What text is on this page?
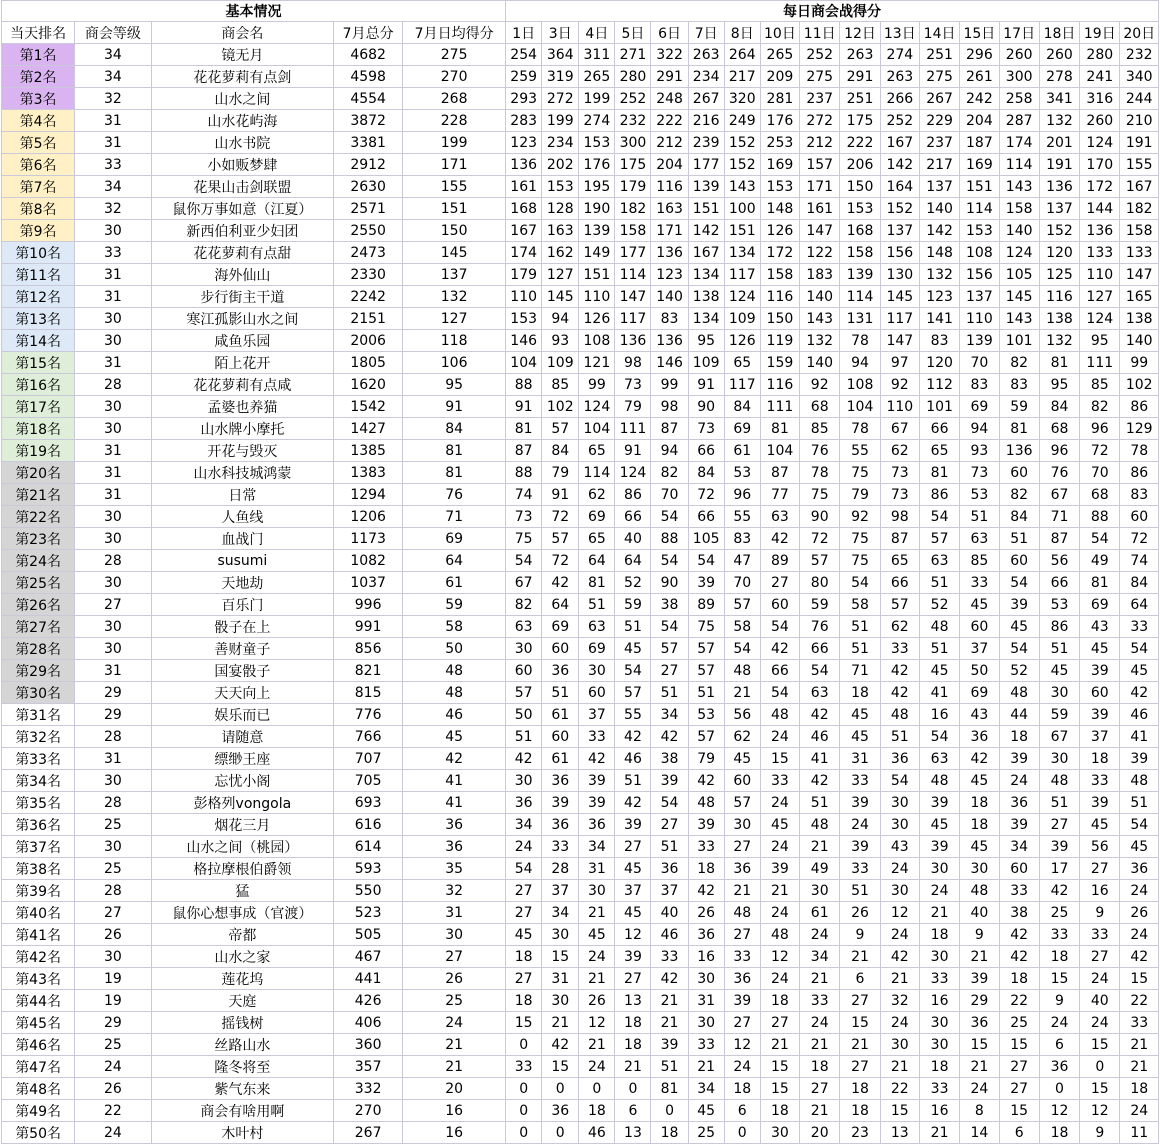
基本情况					每日商会战得分																
当天排名	商会等级	商会名	7月总分	7月日均得分	1日	3日	4日	5日	6日	7日	8日	10日	11日	12日	13日	14日	15日	17日	18日	19日	20日
第1名	34	镜无月	4682	275	254	364	311	271	322	263	264	265	252	263	274	251	296	260	260	280	232
第2名	34	花花萝莉有点剑	4598	270	259	319	265	280	291	234	217	209	275	291	263	275	261	300	278	241	340
第3名	32	山水之间	4554	268	293	272	199	252	248	267	320	281	237	251	266	267	242	258	341	316	244
第4名	31	山水花屿海	3872	228	283	199	274	232	222	216	249	176	272	175	252	229	204	287	132	260	210
第5名	31	山水书院	3381	199	123	234	153	300	212	239	152	253	212	222	167	237	187	174	201	124	191
第6名	33	小如贩梦肆	2912	171	136	202	176	175	204	177	152	169	157	206	142	217	169	114	191	170	155
第7名	34	花果山击剑联盟	2630	155	161	153	195	179	116	139	143	153	171	150	164	137	151	143	136	172	167
第8名	32	鼠你万事如意（江夏）	2571	151	168	128	190	182	163	151	100	148	161	153	152	140	114	158	137	144	182
第9名	30	新西伯利亚少妇团	2550	150	167	163	139	158	171	142	151	126	147	168	137	142	153	140	152	136	158
第10名	33	花花萝莉有点甜	2473	145	174	162	149	177	136	167	134	172	122	158	156	148	108	124	120	133	133
第11名	31	海外仙山	2330	137	179	127	151	114	123	134	117	158	183	139	130	132	156	105	125	110	147
第12名	31	步行街主干道	2242	132	110	145	110	147	140	138	124	116	140	114	145	123	137	145	116	127	165
第13名	30	寒江孤影山水之间	2151	127	153	94	126	117	83	134	109	150	143	131	117	141	110	143	138	124	138
第14名	30	咸鱼乐园	2006	118	146	93	108	136	136	95	126	119	132	78	147	83	139	101	132	95	140
第15名	31	陌上花开	1805	106	104	109	121	98	146	109	65	159	140	94	97	120	70	82	81	111	99
第16名	28	花花萝莉有点咸	1620	95	88	85	99	73	99	91	117	116	92	108	92	112	83	83	95	85	102
第17名	30	孟婆也养猫	1542	91	91	102	124	79	98	90	84	111	68	104	110	101	69	59	84	82	86
第18名	30	山水牌小摩托	1427	84	81	57	104	111	87	73	69	81	85	78	67	66	94	81	68	96	129
第19名	31	开花与毁灭	1385	81	87	84	65	91	94	66	61	104	76	55	62	65	93	136	96	72	78
第20名	31	山水科技城鸿蒙	1383	81	88	79	114	124	82	84	53	87	78	75	73	81	73	60	76	70	86
第21名	31	日常	1294	76	74	91	62	86	70	72	96	77	75	79	73	86	53	82	67	68	83
第22名	30	人鱼线	1206	71	73	72	69	66	54	66	55	63	90	92	98	54	51	84	71	88	60
第23名	30	血战门	1173	69	75	57	65	40	88	105	83	42	72	75	87	57	63	51	87	54	72
第24名	28	susumi	1082	64	54	72	64	64	54	54	47	89	57	75	65	63	85	60	56	49	74
第25名	30	天地劫	1037	61	67	42	81	52	90	39	70	27	80	54	66	51	33	54	66	81	84
第26名	27	百乐门	996	59	82	64	51	59	38	89	57	60	59	58	57	52	45	39	53	69	64
第27名	30	骰子在上	991	58	63	69	63	51	54	75	58	54	76	51	62	48	60	45	86	43	33
第28名	30	善财童子	856	50	30	60	69	45	57	57	54	42	66	51	33	51	37	54	51	45	54
第29名	31	国宴骰子	821	48	60	36	30	54	27	57	48	66	54	71	42	45	50	52	45	39	45
第30名	29	天天向上	815	48	57	51	60	57	51	51	21	54	63	18	42	41	69	48	30	60	42
第31名	29	娱乐而已	776	46	50	61	37	55	34	53	56	48	42	45	48	16	43	44	59	39	46
第32名	28	请随意	766	45	51	60	33	42	42	57	62	24	46	45	51	54	36	18	67	37	41
第33名	31	缥缈王座	707	42	42	61	42	46	38	79	45	15	41	31	36	63	42	39	30	18	39
第34名	30	忘忧小阁	705	41	30	36	39	51	39	42	60	33	42	33	54	48	45	24	48	33	48
第35名	28	彭格列vongola	693	41	36	39	39	42	54	48	57	24	51	39	30	39	18	36	51	39	51
第36名	25	烟花三月	616	36	34	36	36	39	27	39	30	45	48	24	30	45	18	39	27	45	54
第37名	30	山水之间（桃园）	614	36	24	33	34	27	51	33	27	24	21	39	43	39	45	34	39	56	45
第38名	25	格拉摩根伯爵领	593	35	54	28	31	45	36	18	36	39	49	33	24	30	30	60	17	27	36
第39名	28	猛	550	32	27	37	30	37	37	42	21	21	30	51	30	24	48	33	42	16	24
第40名	27	鼠你心想事成（官渡）	523	31	27	34	21	45	40	26	48	24	61	26	12	21	40	38	25	9	26
第41名	26	帝都	505	30	45	30	45	12	46	36	27	48	24	9	24	18	9	42	33	33	24
第42名	30	山水之家	467	27	18	15	24	39	33	16	33	12	34	21	42	30	21	42	18	27	42
第43名	19	莲花坞	441	26	27	31	21	27	42	30	36	24	21	6	21	33	39	18	15	24	15
第44名	19	天庭	426	25	18	30	26	13	21	31	39	18	33	27	32	16	29	22	9	40	22
第45名	29	摇钱树	406	24	15	21	12	18	21	30	27	27	24	15	24	30	36	25	24	24	33
第46名	25	丝路山水	360	21	0	42	21	18	39	33	12	21	21	21	30	30	15	15	6	15	21
第47名	24	隆冬将至	357	21	33	15	24	21	51	21	24	15	18	27	21	18	21	27	36	0	21
第48名	26	紫气东来	332	20	0	0	0	0	81	34	18	15	27	18	22	33	24	27	0	15	18
第49名	22	商会有啥用啊	270	16	0	36	18	6	0	45	6	18	21	18	15	16	8	15	12	12	24
第50名	24	木叶村	267	16	0	0	46	13	18	25	0	30	20	23	13	21	14	6	18	9	11
